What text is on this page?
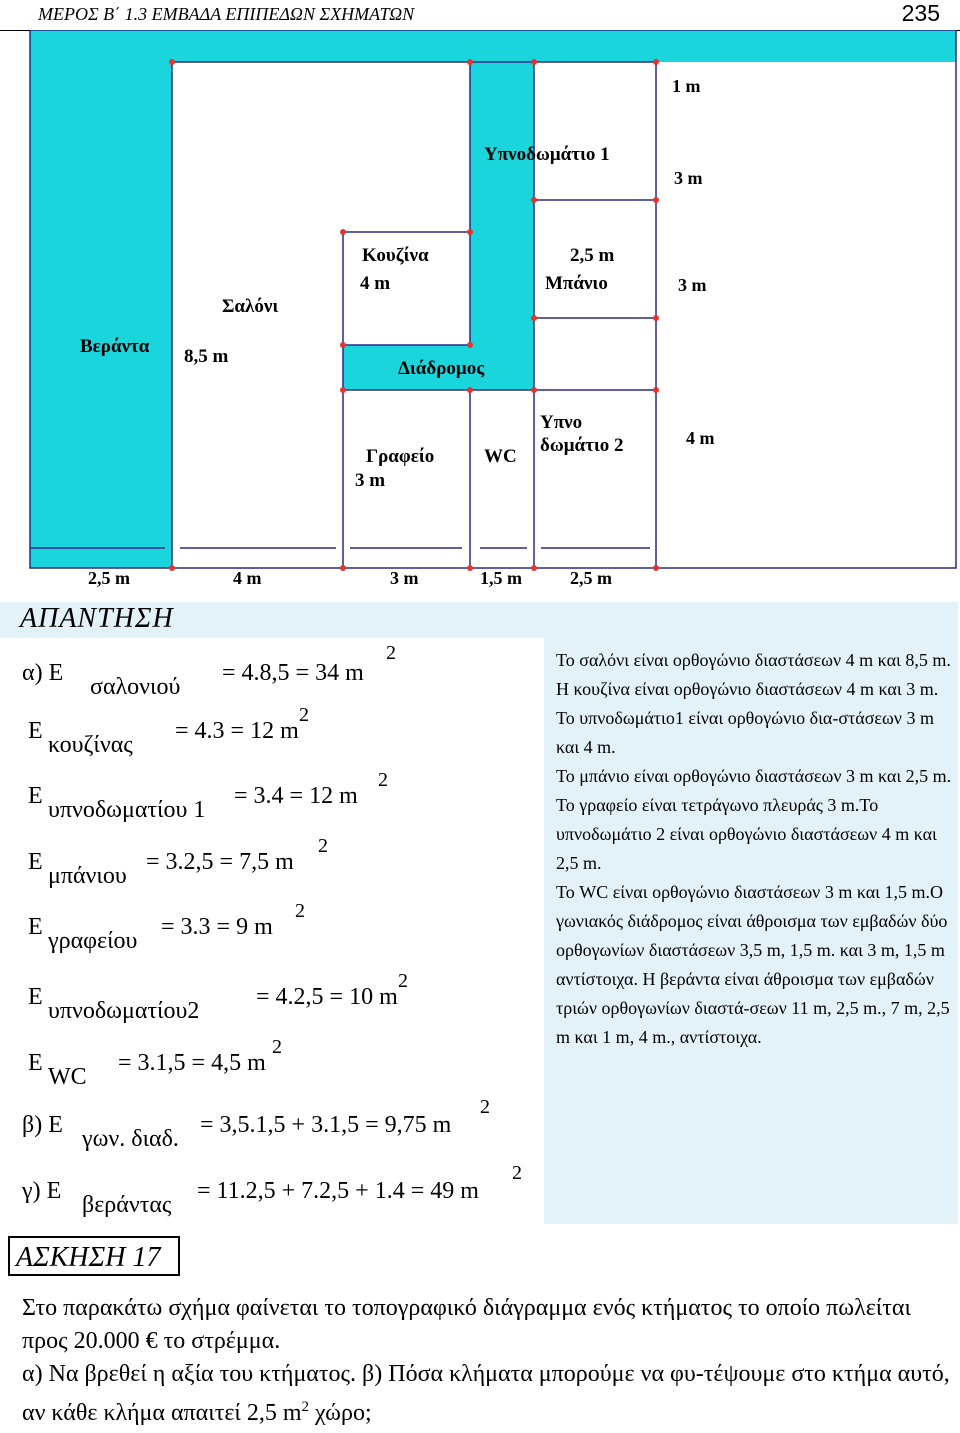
ΜΕΡΟΣ Β΄ 1.3 ΕΜΒΑΔΑ ΕΠΙΠΕΔΩΝ ΣΧΗΜΑΤΩΝ	235
Βεράντα
Σαλόνι
8,5 m
Κουζίνα
4 m
Υπνοδωμάτιο 1
2,5 m
Μπάνιο
Διάδρομος
Γραφείο
3 m
WC
Υπνο
δωμάτιο 2
1 m
3 m
3 m
4 m
2,5 m	4 m	3 m	1,5 m	2,5 m
ΑΠΑΝΤΗΣΗ
α) Ε
σαλονιού
= 4.8,5 = 34 m
2
Ε
κουζίνας
= 4.3 = 12 m
2
Ε
υπνοδωματίου 1
= 3.4 = 12 m
2
Ε
μπάνιου
= 3.2,5 = 7,5 m
2
Ε
γραφείου
= 3.3 = 9 m
2
Ε
υπνοδωματίου2
= 4.2,5 = 10 m
2
Ε
WC
= 3.1,5 = 4,5 m
2
β) Ε
γων. διαδ.
= 3,5.1,5 + 3.1,5 = 9,75 m
2
γ) Ε
βεράντας
= 11.2,5 + 7.2,5 + 1.4 = 49 m
2

Το σαλόνι είναι ορθογώνιο διαστάσεων 4 m και 8,5 m.

Η κουζίνα είναι ορθογώνιο διαστάσεων 4 m και 3 m.

Το υπνοδωμάτιο1 είναι ορθογώνιο δια-στάσεων 3 m και 4 m.

Το μπάνιο είναι ορθογώνιο διαστάσεων 3 m και 2,5 m.

Το γραφείο είναι τετράγωνο πλευράς 3 m.Το υπνοδωμάτιο 2 είναι ορθογώνιο διαστάσεων 4 m και 2,5 m.

Το WC είναι ορθογώνιο διαστάσεων 3 m και 1,5 m.Ο γωνιακός διάδρομος είναι άθροισμα των εμβαδών δύο ορθογωνίων διαστάσεων 3,5 m, 1,5 m. και 3 m, 1,5 m αντίστοιχα. Η βεράντα είναι άθροισμα των εμβαδών τριών ορθογωνίων διαστά-σεων 11 m, 2,5 m., 7 m, 2,5 m και 1 m, 4 m., αντίστοιχα.

ΑΣΚΗΣΗ 17

Στο παρακάτω σχήμα φαίνεται το τοπογραφικό διάγραμμα ενός κτήματος το οποίο πωλείται προς 20.000 € το στρέμμα.

α) Να βρεθεί η αξία του κτήματος. β) Πόσα κλήματα μπορούμε να φυ-τέψουμε στο κτήμα αυτό, αν κάθε κλήμα απαιτεί 2,5 $m^2$ χώρο;
